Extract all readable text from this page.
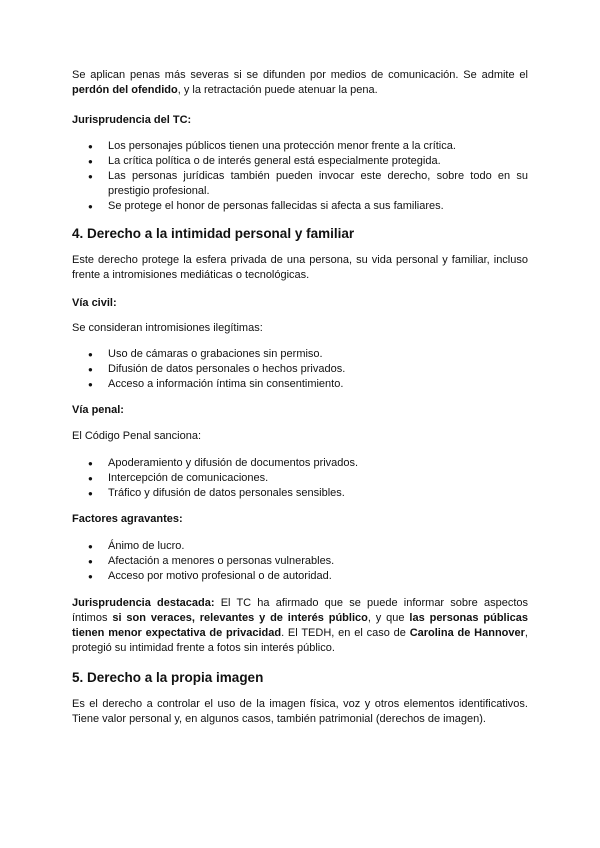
Se aplican penas más severas si se difunden por medios de comunicación. Se admite el perdón del ofendido, y la retractación puede atenuar la pena.

Jurisprudencia del TC:

● Los personajes públicos tienen una protección menor frente a la crítica.
● La crítica política o de interés general está especialmente protegida.
● Las personas jurídicas también pueden invocar este derecho, sobre todo en su prestigio profesional.
● Se protege el honor de personas fallecidas si afecta a sus familiares.

4. Derecho a la intimidad personal y familiar

Este derecho protege la esfera privada de una persona, su vida personal y familiar, incluso frente a intromisiones mediáticas o tecnológicas.

Vía civil:

Se consideran intromisiones ilegítimas:

● Uso de cámaras o grabaciones sin permiso.
● Difusión de datos personales o hechos privados.
● Acceso a información íntima sin consentimiento.

Vía penal:

El Código Penal sanciona:

● Apoderamiento y difusión de documentos privados.
● Intercepción de comunicaciones.
● Tráfico y difusión de datos personales sensibles.

Factores agravantes:

● Ánimo de lucro.
● Afectación a menores o personas vulnerables.
● Acceso por motivo profesional o de autoridad.

Jurisprudencia destacada: El TC ha afirmado que se puede informar sobre aspectos íntimos si son veraces, relevantes y de interés público, y que las personas públicas tienen menor expectativa de privacidad. El TEDH, en el caso de Carolina de Hannover, protegió su intimidad frente a fotos sin interés público.

5. Derecho a la propia imagen

Es el derecho a controlar el uso de la imagen física, voz y otros elementos identificativos. Tiene valor personal y, en algunos casos, también patrimonial (derechos de imagen).
